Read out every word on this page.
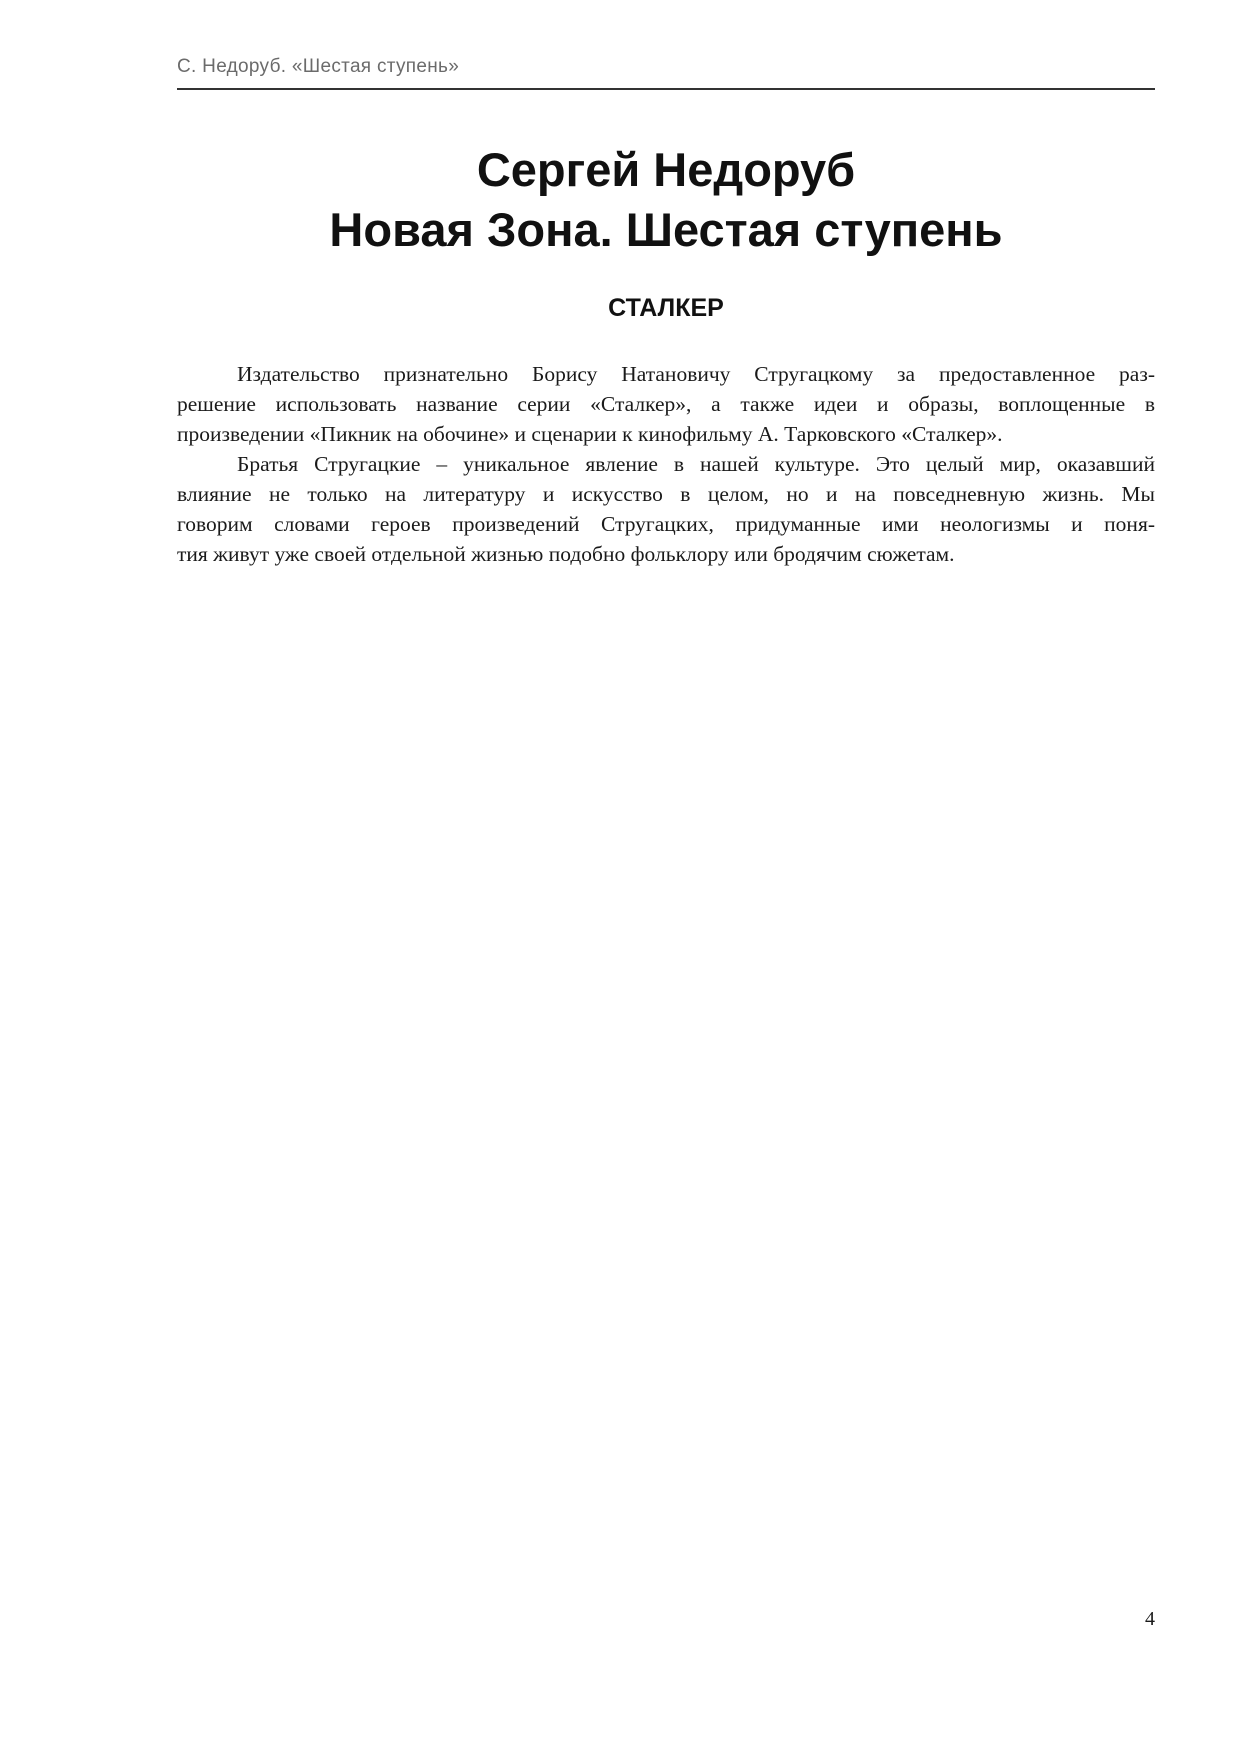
С. Недоруб. «Шестая ступень»
Сергей Недоруб
Новая Зона. Шестая ступень
СТАЛКЕР
Издательство признательно Борису Натановичу Стругацкому за предоставленное раз-
решение использовать название серии «Сталкер», а также идеи и образы, воплощенные в
произведении «Пикник на обочине» и сценарии к кинофильму А. Тарковского «Сталкер».
Братья Стругацкие – уникальное явление в нашей культуре. Это целый мир, оказавший
влияние не только на литературу и искусство в целом, но и на повседневную жизнь. Мы
говорим словами героев произведений Стругацких, придуманные ими неологизмы и поня-
тия живут уже своей отдельной жизнью подобно фольклору или бродячим сюжетам.
4
